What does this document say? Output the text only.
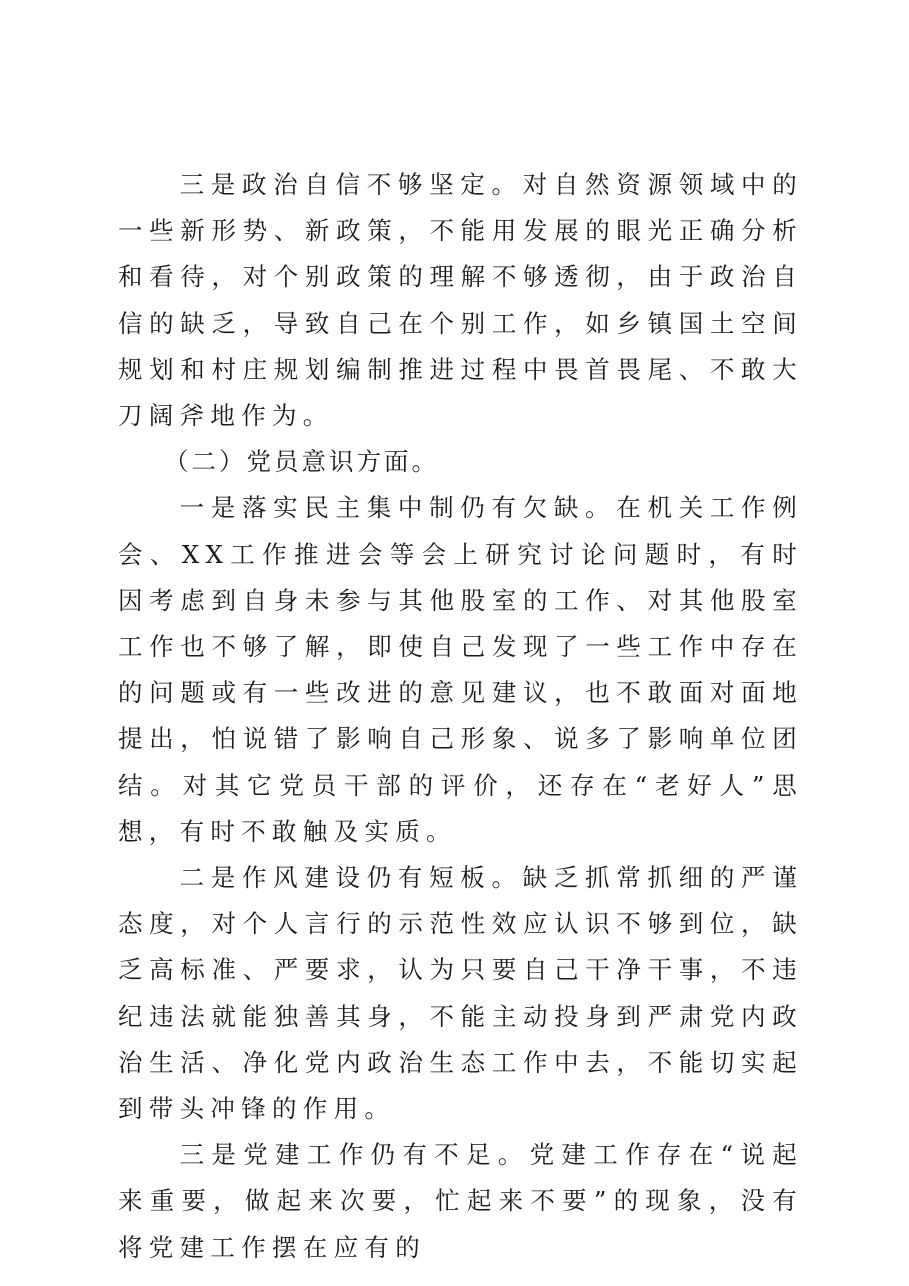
三是政治自信不够坚定。对自然资源领域中的一些新形势、新政策，不能用发展的眼光正确分析和看待，对个别政策的理解不够透彻，由于政治自信的缺乏，导致自己在个别工作，如乡镇国土空间规划和村庄规划编制推进过程中畏首畏尾、不敢大刀阔斧地作为。

（二）党员意识方面。

一是落实民主集中制仍有欠缺。在机关工作例会、XX工作推进会等会上研究讨论问题时，有时因考虑到自身未参与其他股室的工作、对其他股室工作也不够了解，即使自己发现了一些工作中存在的问题或有一些改进的意见建议，也不敢面对面地提出，怕说错了影响自己形象、说多了影响单位团结。对其它党员干部的评价，还存在“老好人”思想，有时不敢触及实质。

二是作风建设仍有短板。缺乏抓常抓细的严谨态度，对个人言行的示范性效应认识不够到位，缺乏高标准、严要求，认为只要自己干净干事，不违纪违法就能独善其身，不能主动投身到严肃党内政治生活、净化党内政治生态工作中去，不能切实起到带头冲锋的作用。

三是党建工作仍有不足。党建工作存在“说起来重要，做起来次要，忙起来不要”的现象，没有将党建工作摆在应有的
